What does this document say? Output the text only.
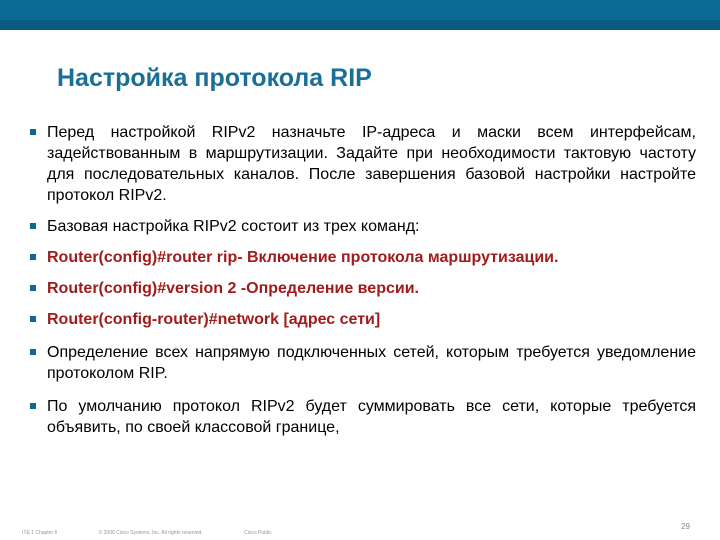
Настройка протокола RIP
Перед настройкой RIPv2 назначьте IP-адреса и маски всем интерфейсам, задействованным в маршрутизации. Задайте при необходимости тактовую частоту для последовательных каналов. После завершения базовой настройки настройте протокол RIPv2.
Базовая настройка RIPv2 состоит из трех команд:
Router(config)#router rip- Включение протокола маршрутизации.
Router(config)#version 2 -Определение версии.
Router(config-router)#network [адрес сети]
Определение всех напрямую подключенных сетей, которым требуется уведомление протоколом RIP.
По умолчанию протокол RIPv2 будет суммировать все сети, которые требуется объявить, по своей классовой границе,
ITE 1 Chapter 6	© 2006 Cisco Systems, Inc. All rights reserved.	Cisco Public
29
